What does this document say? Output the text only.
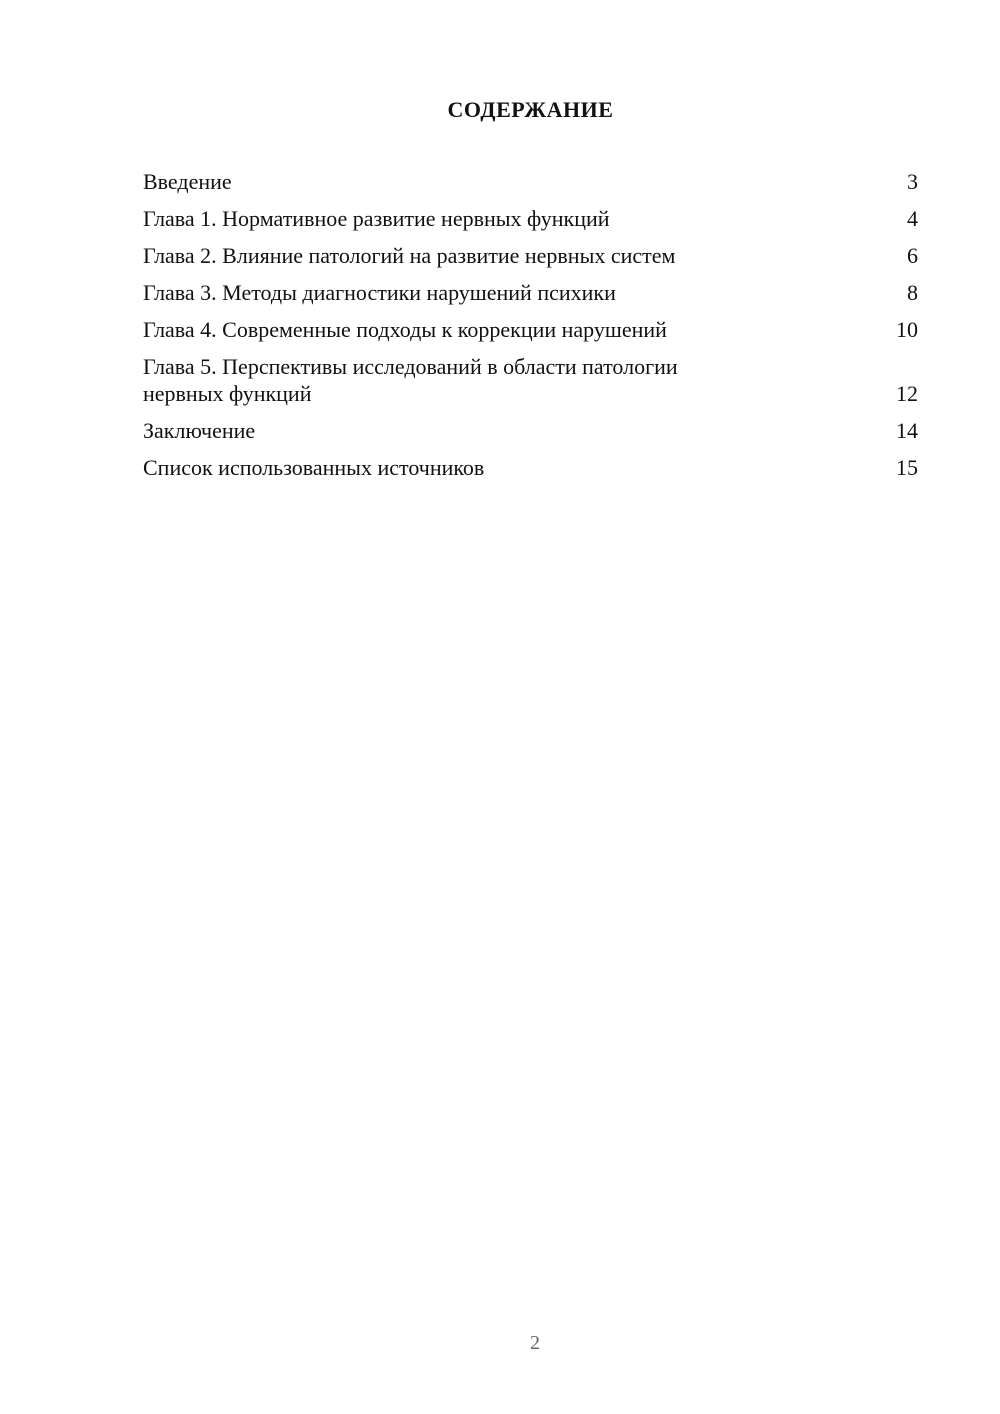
СОДЕРЖАНИЕ
Введение	3
Глава 1. Нормативное развитие нервных функций	4
Глава 2. Влияние патологий на развитие нервных систем	6
Глава 3. Методы диагностики нарушений психики	8
Глава 4. Современные подходы к коррекции нарушений	10
Глава 5. Перспективы исследований в области патологии нервных функций	12
Заключение	14
Список использованных источников	15
2
